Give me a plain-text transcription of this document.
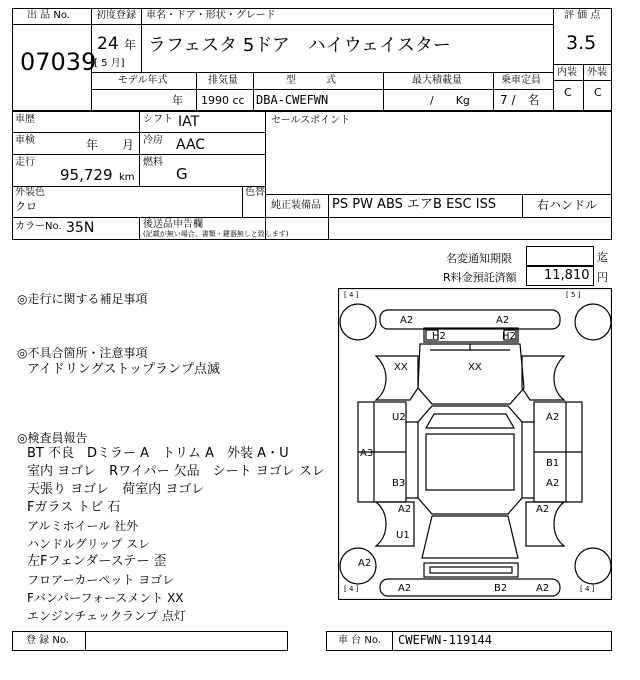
出 品 No.
07039
初度登録
24 年
[ 5 月]
車名・ドア・形状・グレード
ラフェスタ 5ドア　ハイウェイスター
評 価 点
3.5
内装 外装
C C
モデル年式	排気量	型　　　式	最大積載量	乗車定員
年 1990 cc DBA-CWEFWN	/　　Kg	7 /　名
車歴	シフト IAT
車検	年　　月 冷房 AAC
走行
95,729 km
燃料
G
外装色
クロ
色替
セールスポイント
純正装備品 PS PW ABS エアB ESC ISS	右ハンドル
カラーNo. 35N	後送品申告欄
(記載が無い場合、書類・鍵器無しと致します)
名変通知期限	迄
R料金預託済額 11,810 円
◎走行に関する補足事項
◎不具合箇所・注意事項
アイドリングストップランプ点滅
◎検査員報告
BT 不良　Dミラー A　トリム A　外装 A・U
室内 ヨゴレ　Rワイパー 欠品　シート ヨゴレ スレ
天張り ヨゴレ　荷室内 ヨゴレ
Fガラス トビ 石
アルミホイール 社外
ハンドルグリップ スレ
左Fフェンダーステー 歪
フロアーカーペット ヨゴレ
Fバンパーフォースメント XX
エンジンチェックランプ 点灯
[ 4 ]	[ 5 ]
[ 4 ]	[ 4 ]
A2	A2
H2	H2
XX	XX
U2	A2
A3
B1
B3	A2
A2
U1
A2
A2
A2	B2	A2
登 録 No.	車 台 No. CWEFWN-119144
